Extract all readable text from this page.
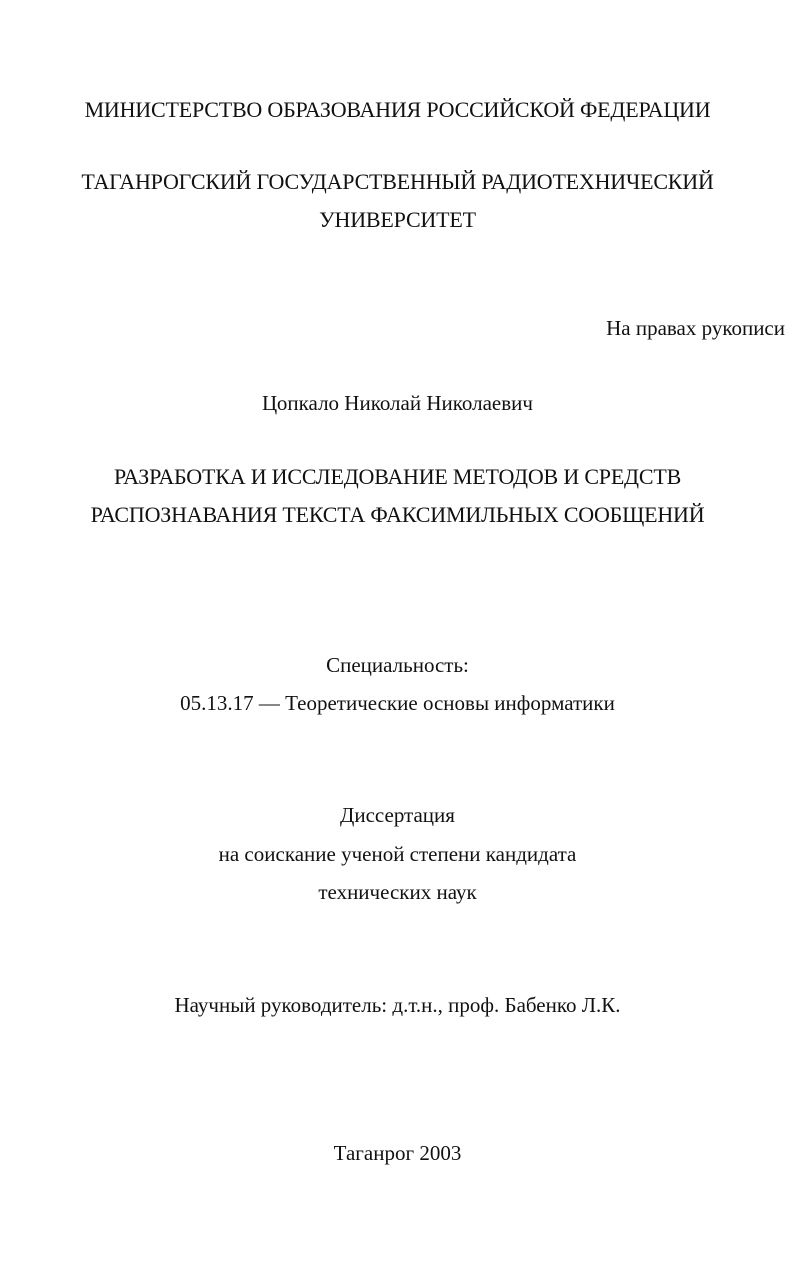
МИНИСТЕРСТВО ОБРАЗОВАНИЯ РОССИЙСКОЙ ФЕДЕРАЦИИ
ТАГАНРОГСКИЙ ГОСУДАРСТВЕННЫЙ РАДИОТЕХНИЧЕСКИЙ
УНИВЕРСИТЕТ
На правах рукописи
Цопкало Николай Николаевич
РАЗРАБОТКА И ИССЛЕДОВАНИЕ МЕТОДОВ И СРЕДСТВ
РАСПОЗНАВАНИЯ ТЕКСТА ФАКСИМИЛЬНЫХ СООБЩЕНИЙ
Специальность:
05.13.17 — Теоретические основы информатики
Диссертация
на соискание ученой степени кандидата
технических наук
Научный руководитель: д.т.н., проф. Бабенко Л.К.
Таганрог 2003
